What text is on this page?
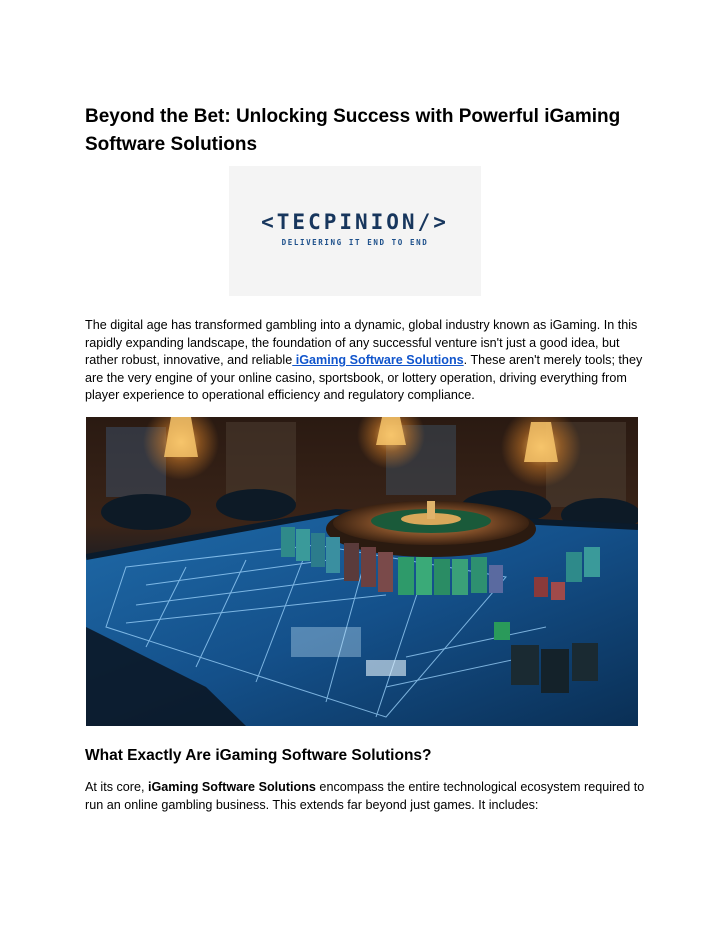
Beyond the Bet: Unlocking Success with Powerful iGaming Software Solutions
<TECPINION/>
DELIVERING IT END TO END

The digital age has transformed gambling into a dynamic, global industry known as iGaming. In this rapidly expanding landscape, the foundation of any successful venture isn't just a good idea, but rather robust, innovative, and reliable iGaming Software Solutions. These aren't merely tools; they are the very engine of your online casino, sportsbook, or lottery operation, driving everything from player experience to operational efficiency and regulatory compliance.

What Exactly Are iGaming Software Solutions?

At its core, iGaming Software Solutions encompass the entire technological ecosystem required to run an online gambling business. This extends far beyond just games. It includes:
